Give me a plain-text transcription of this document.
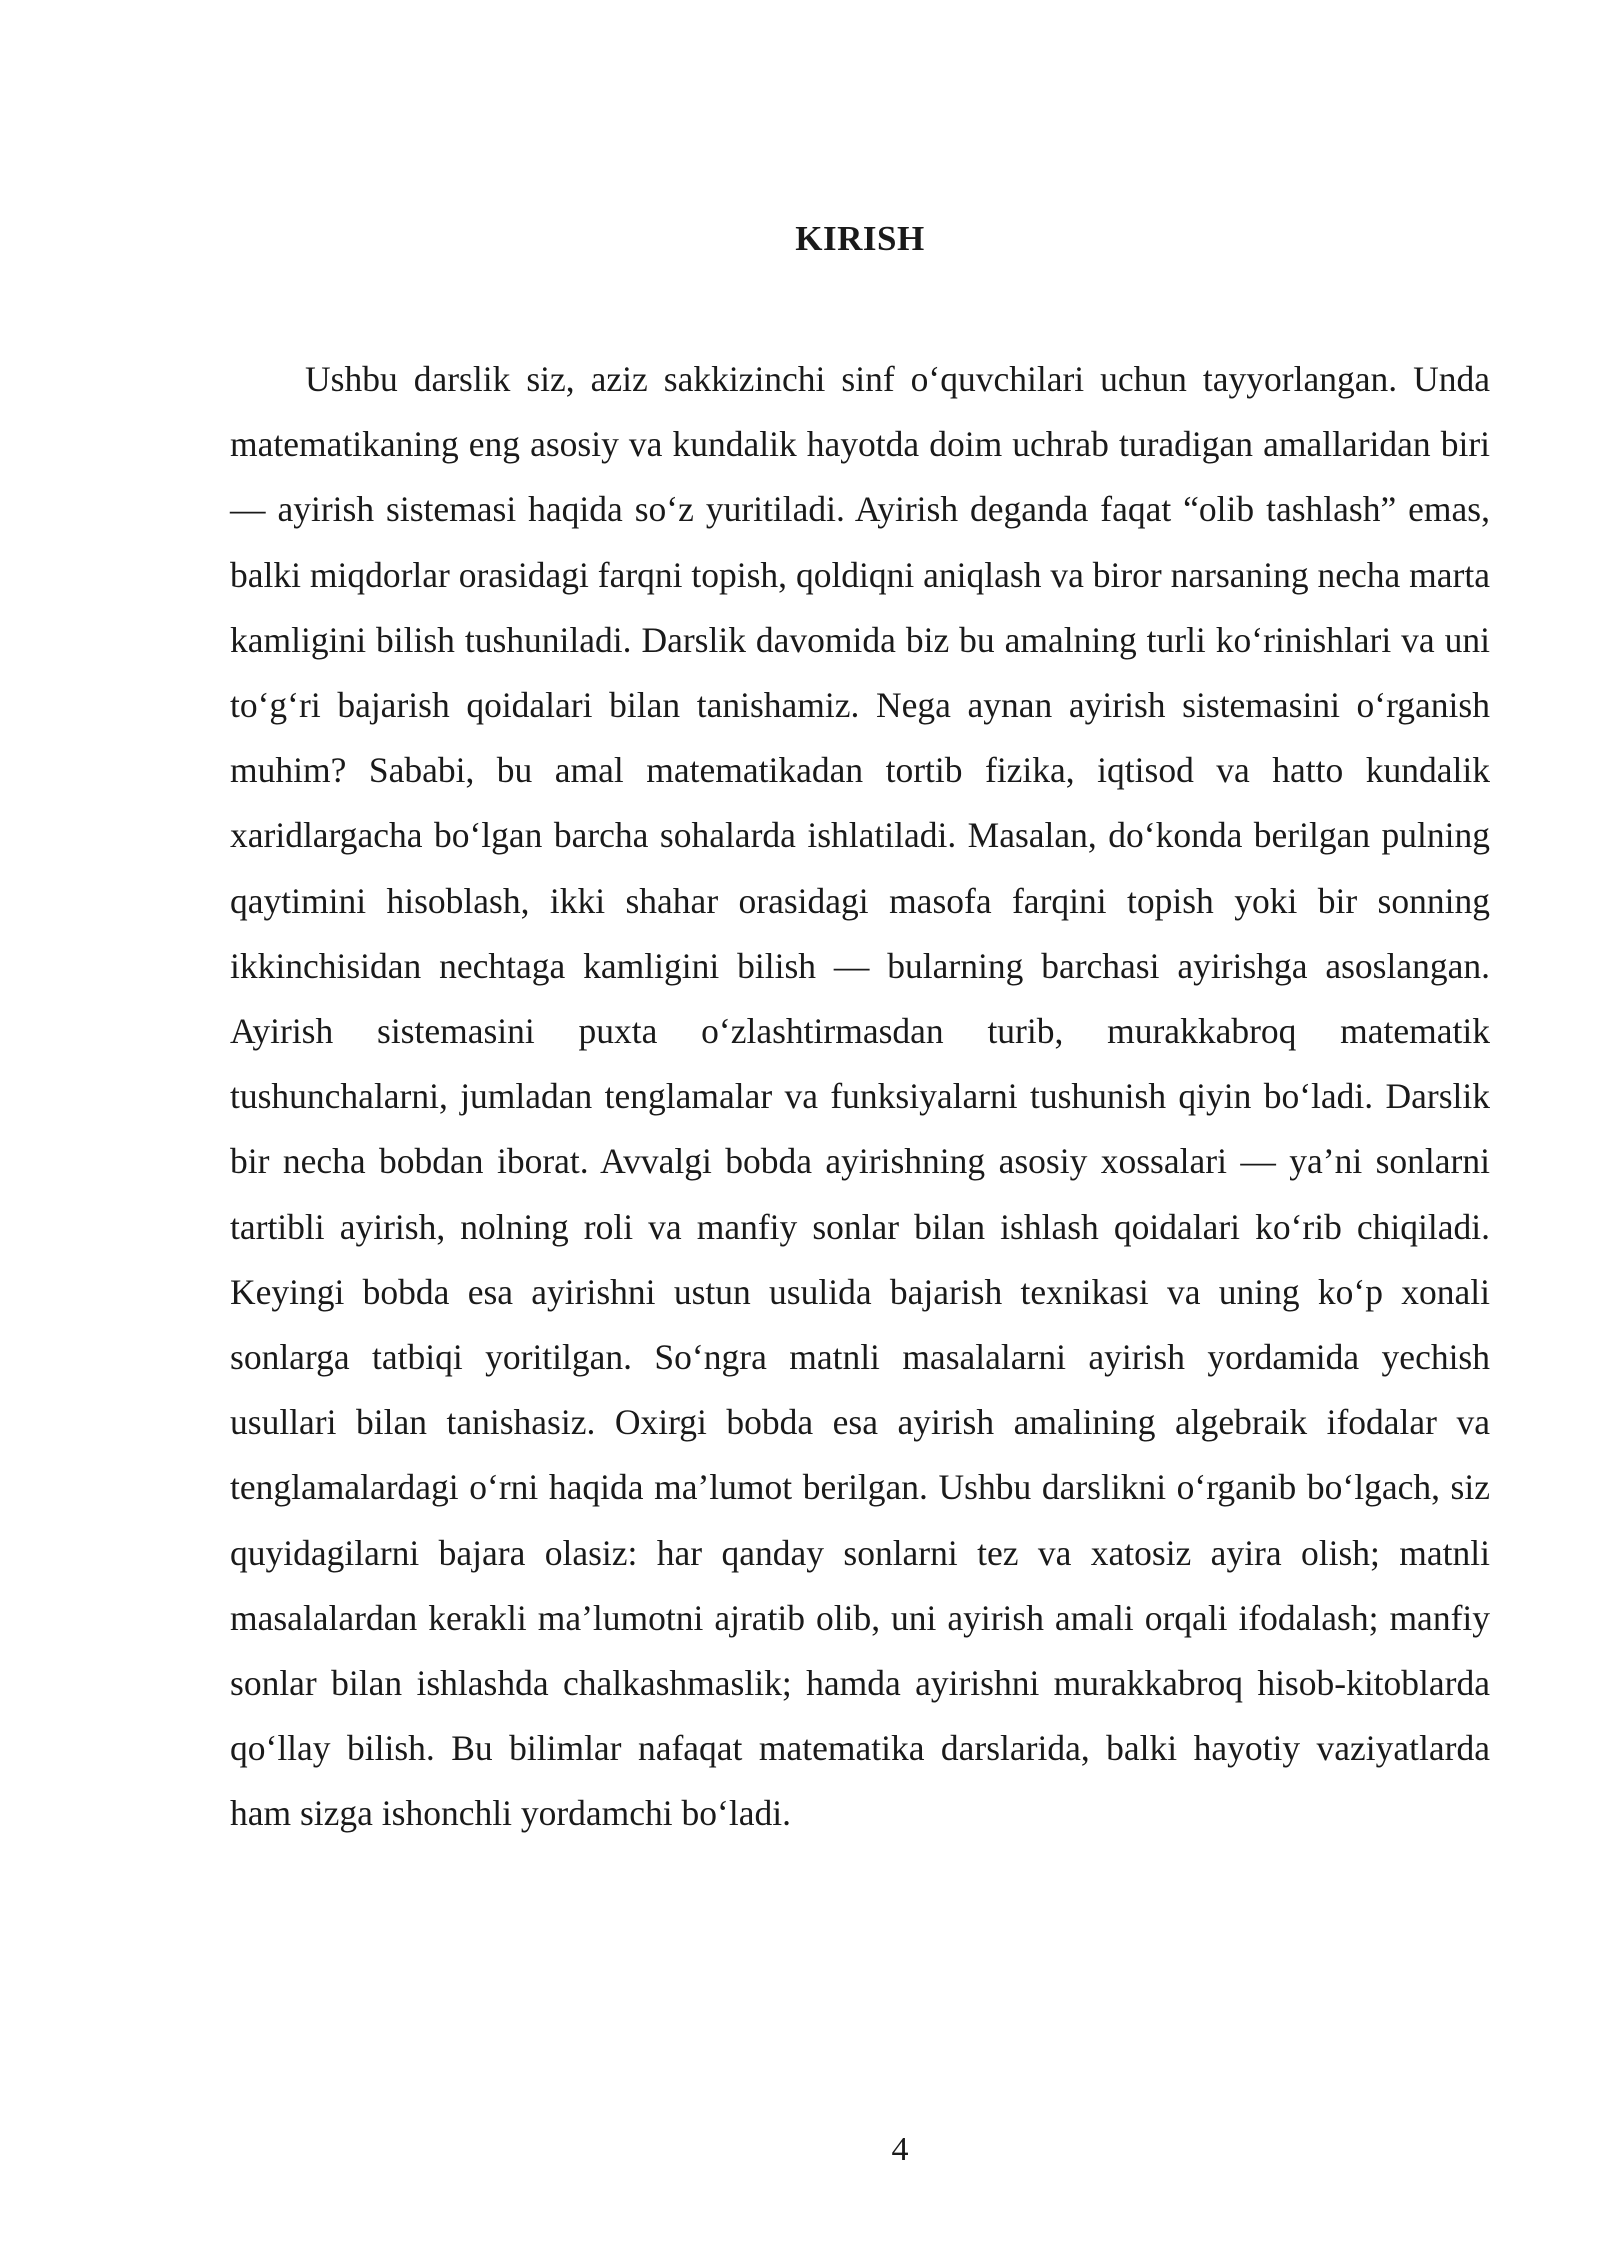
KIRISH

Ushbu darslik siz, aziz sakkizinchi sinf o‘quvchilari uchun tayyorlangan. Unda matematikaning eng asosiy va kundalik hayotda doim uchrab turadigan amallaridan biri — ayirish sistemasi haqida so‘z yuritiladi. Ayirish deganda faqat “olib tashlash” emas, balki miqdorlar orasidagi farqni topish, qoldiqni aniqlash va biror narsaning necha marta kamligini bilish tushuniladi. Darslik davomida biz bu amalning turli ko‘rinishlari va uni to‘g‘ri bajarish qoidalari bilan tanishamiz. Nega aynan ayirish sistemasini o‘rganish muhim? Sababi, bu amal matematikadan tortib fizika, iqtisod va hatto kundalik xaridlargacha bo‘lgan barcha sohalarda ishlatiladi. Masalan, do‘konda berilgan pulning qaytimini hisoblash, ikki shahar orasidagi masofa farqini topish yoki bir sonning ikkinchisidan nechtaga kamligini bilish — bularning barchasi ayirishga asoslangan. Ayirish sistemasini puxta o‘zlashtirmasdan turib, murakkabroq matematik tushunchalarni, jumladan tenglamalar va funksiyalarni tushunish qiyin bo‘ladi. Darslik bir necha bobdan iborat. Avvalgi bobda ayirishning asosiy xossalari — ya’ni sonlarni tartibli ayirish, nolning roli va manfiy sonlar bilan ishlash qoidalari ko‘rib chiqiladi. Keyingi bobda esa ayirishni ustun usulida bajarish texnikasi va uning ko‘p xonali sonlarga tatbiqi yoritilgan. So‘ngra matnli masalalarni ayirish yordamida yechish usullari bilan tanishasiz. Oxirgi bobda esa ayirish amalining algebraik ifodalar va tenglamalardagi o‘rni haqida ma’lumot berilgan. Ushbu darslikni o‘rganib bo‘lgach, siz quyidagilarni bajara olasiz: har qanday sonlarni tez va xatosiz ayira olish; matnli masalalardan kerakli ma’lumotni ajratib olib, uni ayirish amali orqali ifodalash; manfiy sonlar bilan ishlashda chalkashmaslik; hamda ayirishni murakkabroq hisob-kitoblarda qo‘llay bilish. Bu bilimlar nafaqat matematika darslarida, balki hayotiy vaziyatlarda ham sizga ishonchli yordamchi bo‘ladi.

4
